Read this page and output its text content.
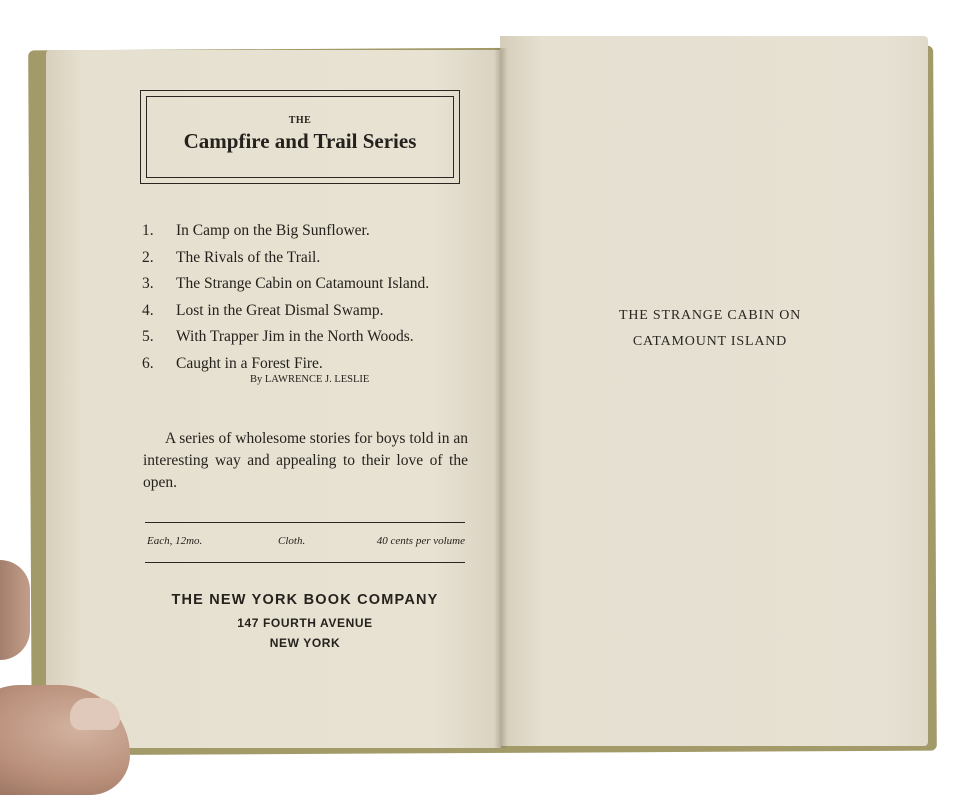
THE
Campfire and Trail Series
1. In Camp on the Big Sunflower.
2. The Rivals of the Trail.
3. The Strange Cabin on Catamount Island.
4. Lost in the Great Dismal Swamp.
5. With Trapper Jim in the North Woods.
6. Caught in a Forest Fire.
By LAWRENCE J. LESLIE
A series of wholesome stories for boys told in an interesting way and appealing to their love of the open.
Each, 12mo.	Cloth.	40 cents per volume
THE NEW YORK BOOK COMPANY
147 FOURTH AVENUE
NEW YORK
THE STRANGE CABIN ON
CATAMOUNT ISLAND
